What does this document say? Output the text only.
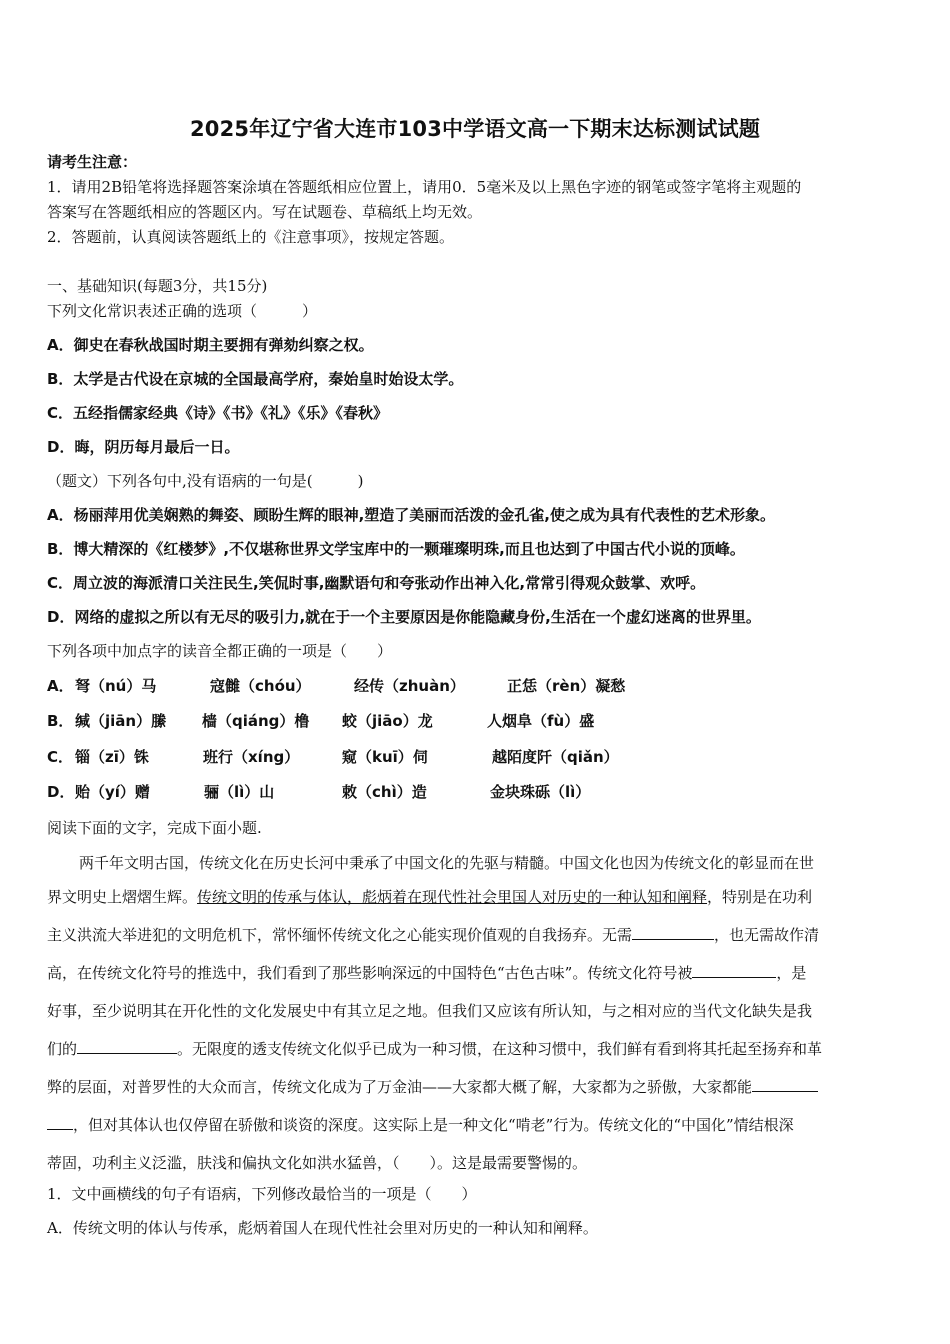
2025年辽宁省大连市103中学语文高一下期末达标测试试题
请考生注意：
1．请用2B铅笔将选择题答案涂填在答题纸相应位置上，请用0．5毫米及以上黑色字迹的钢笔或签字笔将主观题的
答案写在答题纸相应的答题区内。写在试题卷、草稿纸上均无效。
2．答题前，认真阅读答题纸上的《注意事项》，按规定答题。
一、基础知识(每题3分，共15分)
下列文化常识表述正确的选项（　　　）
A．御史在春秋战国时期主要拥有弹劾纠察之权。
B．太学是古代设在京城的全国最高学府，秦始皇时始设太学。
C．五经指儒家经典《诗》《书》《礼》《乐》《春秋》
D．晦，阴历每月最后一日。
（题文）下列各句中,没有语病的一句是(　　　)
A．杨丽萍用优美娴熟的舞姿、顾盼生辉的眼神,塑造了美丽而活泼的金孔雀,使之成为具有代表性的艺术形象。
B．博大精深的《红楼梦》,不仅堪称世界文学宝库中的一颗璀璨明珠,而且也达到了中国古代小说的顶峰。
C．周立波的海派清口关注民生,笑侃时事,幽默语句和夸张动作出神入化,常常引得观众鼓掌、欢呼。
D．网络的虚拟之所以有无尽的吸引力,就在于一个主要原因是你能隐藏身份,生活在一个虚幻迷离的世界里。
下列各项中加点字的读音全都正确的一项是（　　）
A． 弩（nú）马	寇雠（chóu）	经传（zhuàn）	正恁（rèn）凝愁
B． 缄（jiān）縢 樯（qiáng）橹 蛟（jiāo）龙	人烟阜（fù）盛
C． 锱（zī）铢	班行（xíng）	窥（kuī）伺	越陌度阡（qiǎn）
D． 贻（yí）赠	骊（lì）山	敕（chì）造	金块珠砾（lì）
阅读下面的文字，完成下面小题.
两千年文明古国，传统文化在历史长河中秉承了中国文化的先驱与精髓。中国文化也因为传统文化的彰显而在世
界文明史上熠熠生辉。传统文明的传承与体认，彪炳着在现代性社会里国人对历史的一种认知和阐释，特别是在功利
主义洪流大举进犯的文明危机下，常怀缅怀传统文化之心能实现价值观的自我扬弃。无需	，也无需故作清
高，在传统文化符号的推选中，我们看到了那些影响深远的中国特色“古色古味”。传统文化符号被	，是
好事，至少说明其在开化性的文化发展史中有其立足之地。但我们又应该有所认知，与之相对应的当代文化缺失是我
们的	。无限度的透支传统文化似乎已成为一种习惯，在这种习惯中，我们鲜有看到将其托起至扬弃和革
弊的层面，对普罗性的大众而言，传统文化成为了万金油——大家都大概了解，大家都为之骄傲，大家都能
，但对其体认也仅停留在骄傲和谈资的深度。这实际上是一种文化“啃老”行为。传统文化的“中国化”情结根深
蒂固，功利主义泛滥，肤浅和偏执文化如洪水猛兽，（　　）。这是最需要警惕的。
1．文中画横线的句子有语病，下列修改最恰当的一项是（　　）
A．传统文明的体认与传承，彪炳着国人在现代性社会里对历史的一种认知和阐释。
